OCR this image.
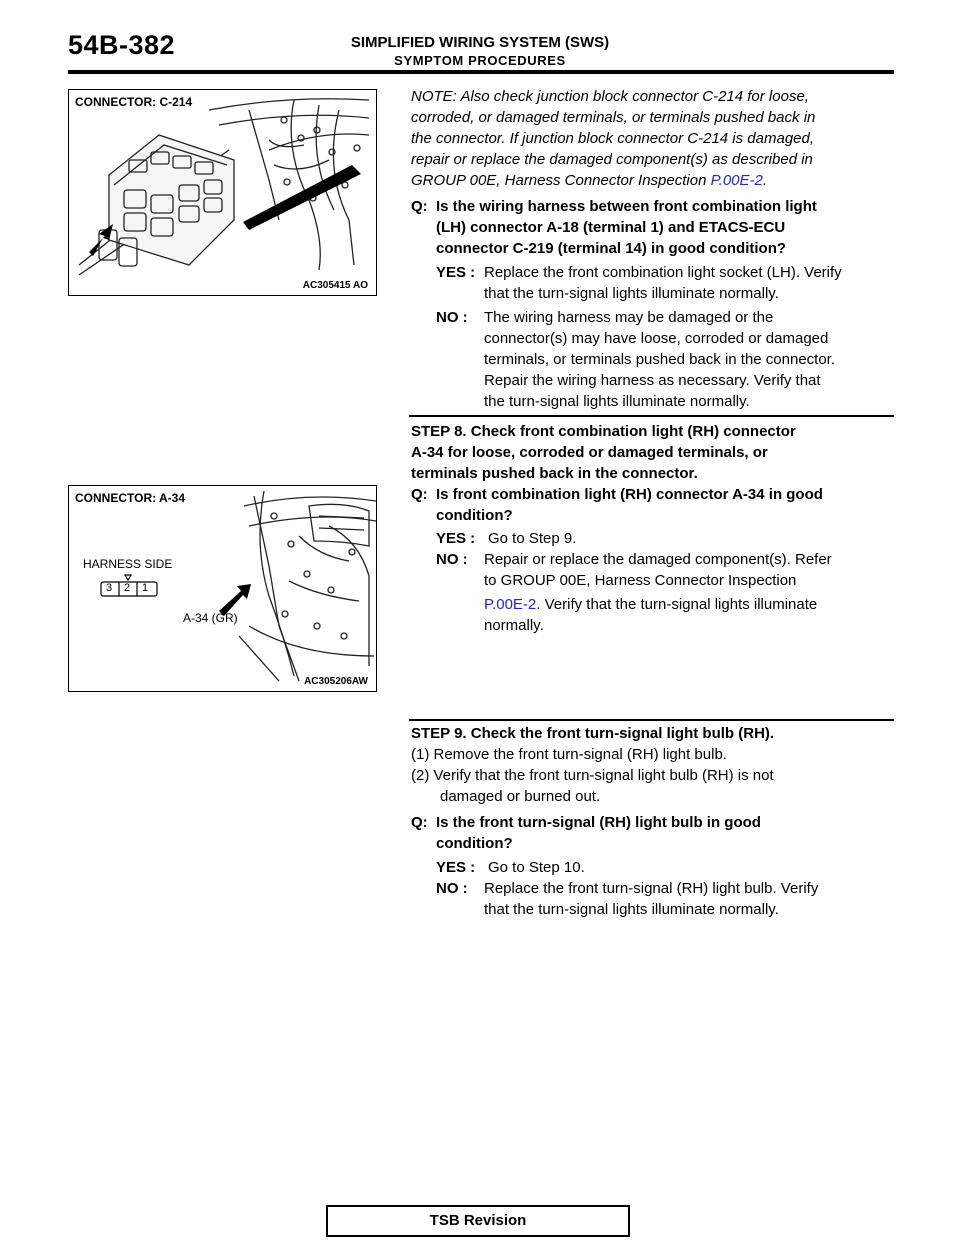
54B-382	SIMPLIFIED WIRING SYSTEM (SWS)
SYMPTOM PROCEDURES
CONNECTOR: C-214
AC305415 AO
NOTE: Also check junction block connector C-214 for loose,
corroded, or damaged terminals, or terminals pushed back in
the connector. If junction block connector C-214 is damaged,
repair or replace the damaged component(s) as described in
GROUP 00E, Harness Connector Inspection P.00E-2.
Q: Is the wiring harness between front combination light
(LH) connector A-18 (terminal 1) and ETACS-ECU
connector C-219 (terminal 14) in good condition?
YES : Replace the front combination light socket (LH). Verify
that the turn-signal lights illuminate normally.
NO : The wiring harness may be damaged or the
connector(s) may have loose, corroded or damaged
terminals, or terminals pushed back in the connector.
Repair the wiring harness as necessary. Verify that
the turn-signal lights illuminate normally.
STEP 8. Check front combination light (RH) connector
A-34 for loose, corroded or damaged terminals, or
terminals pushed back in the connector.
Q: Is front combination light (RH) connector A-34 in good
condition?
YES : Go to Step 9.
NO : Repair or replace the damaged component(s). Refer
to GROUP 00E, Harness Connector Inspection
P.00E-2. Verify that the turn-signal lights illuminate
normally.
CONNECTOR: A-34
HARNESS SIDE
3 2 1
A-34 (GR)
AC305206AW
STEP 9. Check the front turn-signal light bulb (RH).
(1) Remove the front turn-signal (RH) light bulb.
(2) Verify that the front turn-signal light bulb (RH) is not
damaged or burned out.
Q: Is the front turn-signal (RH) light bulb in good
condition?
YES : Go to Step 10.
NO : Replace the front turn-signal (RH) light bulb. Verify
that the turn-signal lights illuminate normally.
TSB Revision
